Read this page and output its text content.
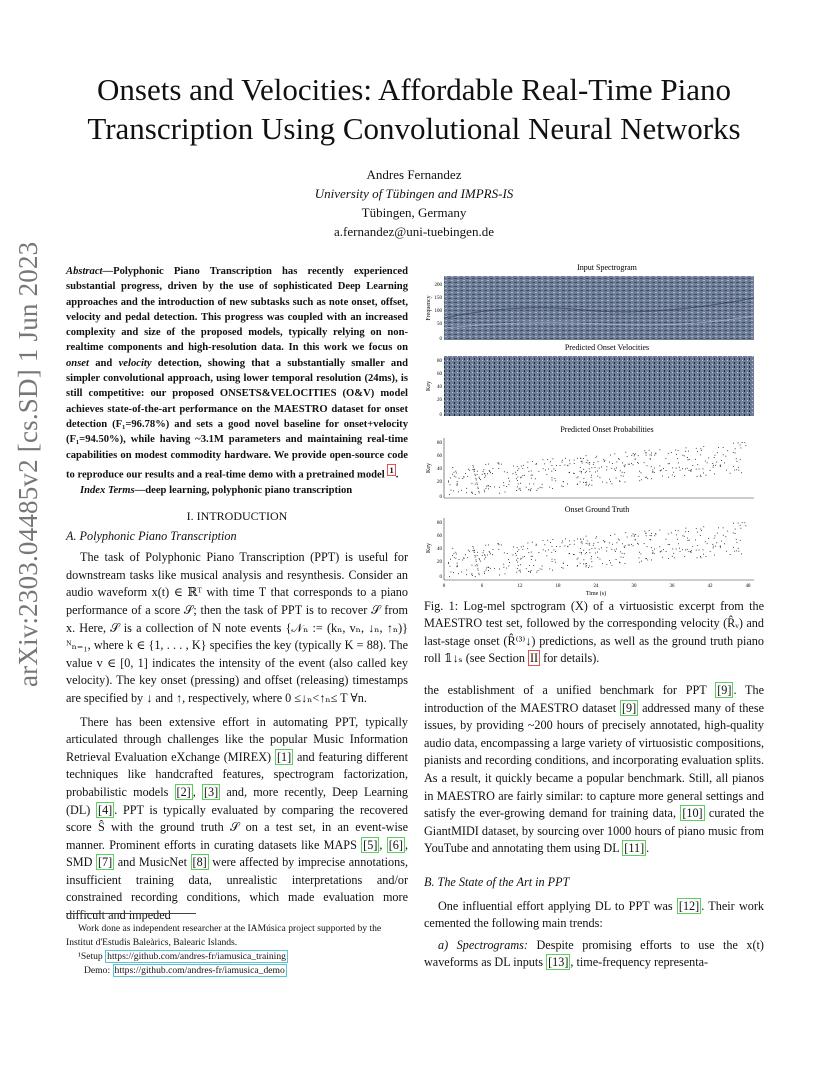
Onsets and Velocities: Affordable Real-Time Piano
Transcription Using Convolutional Neural Networks
Andres Fernandez
University of Tübingen and IMPRS-IS
Tübingen, Germany
a.fernandez@uni-tuebingen.de
arXiv:2303.04485v2 [cs.SD] 1 Jun 2023	Abstract—Polyphonic Piano Transcription has recently experienced substantial progress, driven by the use of sophisticated Deep Learning approaches and the introduction of new subtasks such as note onset, offset, velocity and pedal detection. This progress was coupled with an increased complexity and size of the proposed models, typically relying on non-realtime components and high-resolution data. In this work we focus on onset and velocity detection, showing that a substantially smaller and simpler convolutional approach, using lower temporal resolution (24ms), is still competitive: our proposed ONSETS&VELOCITIES (O&V) model achieves state-of-the-art performance on the MAESTRO dataset for onset detection (F₁=96.78%) and sets a good novel baseline for onset+velocity (F₁=94.50%), while having ~3.1M parameters and maintaining real-time capabilities on modest commodity hardware. We provide open-source code to reproduce our results and a real-time demo with a pretrained model $^1$ .
Index Terms—deep learning, polyphonic piano transcription
I. INTRODUCTION
A. Polyphonic Piano Transcription

The task of Polyphonic Piano Transcription (PPT) is useful for downstream tasks like musical analysis and resynthesis. Consider an audio waveform x(t) ∈ ℝᵀ with time T that corresponds to a piano performance of a score 𝒮; then the task of PPT is to recover 𝒮 from x. Here, 𝒮 is a collection of N note events {𝒩ₙ := (kₙ, vₙ, ↓ₙ, ↑ₙ)}ᴺₙ₌₁, where k ∈ {1, . . . , K} specifies the key (typically K = 88). The value v ∈ [0, 1] indicates the intensity of the event (also called key velocity). The key onset (pressing) and offset (releasing) timestamps are specified by ↓ and ↑, respectively, where 0 ≤↓ₙ<↑ₙ≤ T ∀n.

There has been extensive effort in automating PPT, typically articulated through challenges like the popular Music Information Retrieval Evaluation eXchange (MIREX) [1] and featuring different techniques like handcrafted features, spectrogram factorization, probabilistic models [2] , [3] and, more recently, Deep Learning (DL) [4] . PPT is typically evaluated by comparing the recovered score Ŝ with the ground truth 𝒮 on a test set, in an event-wise manner. Prominent efforts in curating datasets like MAPS [5] , [6] , SMD [7] and MusicNet [8] were affected by imprecise annotations, insufficient training data, unrealistic interpretations and/or constrained recording conditions, which made evaluation more difficult and impeded

Work done as independent researcher at the IAMúsica project supported by the Institut d'Estudis Baleàrics, Balearic Islands.
¹Setup https://github.com/andres-fr/iamusica_training
Demo: https://github.com/andres-fr/iamusica_demo
Input Spectrogram
Frequency
200
150
100
50
0
Predicted Onset Velocities
Key
80
60
40
20
0
Predicted Onset Probabilities
Key
80
60
40
20
0
Onset Ground Truth
Key
80
60
40
20
0
0	6	12	18	24	30	36	42	48
Time (s)
Fig. 1: Log-mel spctrogram (X) of a virtuosistic excerpt from the MAESTRO test set, followed by the corresponding velocity (R̂ᵥ) and last-stage onset (R̂⁽³⁾↓) predictions, as well as the ground truth piano roll 𝟙↓ₛ (see Section II for details).

the establishment of a unified benchmark for PPT [9] . The introduction of the MAESTRO dataset [9] addressed many of these issues, by providing ~200 hours of precisely annotated, high-quality audio data, encompassing a large variety of virtuosistic compositions, pianists and recording conditions, and incorporating evaluation splits. As a result, it quickly became a popular benchmark. Still, all pianos in MAESTRO are fairly similar: to capture more general settings and satisfy the ever-growing demand for training data, [10] curated the GiantMIDI dataset, by sourcing over 1000 hours of piano music from YouTube and annotating them using DL [11] .

B. The State of the Art in PPT

One influential effort applying DL to PPT was [12] . Their work cemented the following main trends:

a) Spectrograms: Despite promising efforts to use the x(t) waveforms as DL inputs [13] , time-frequency representa-
